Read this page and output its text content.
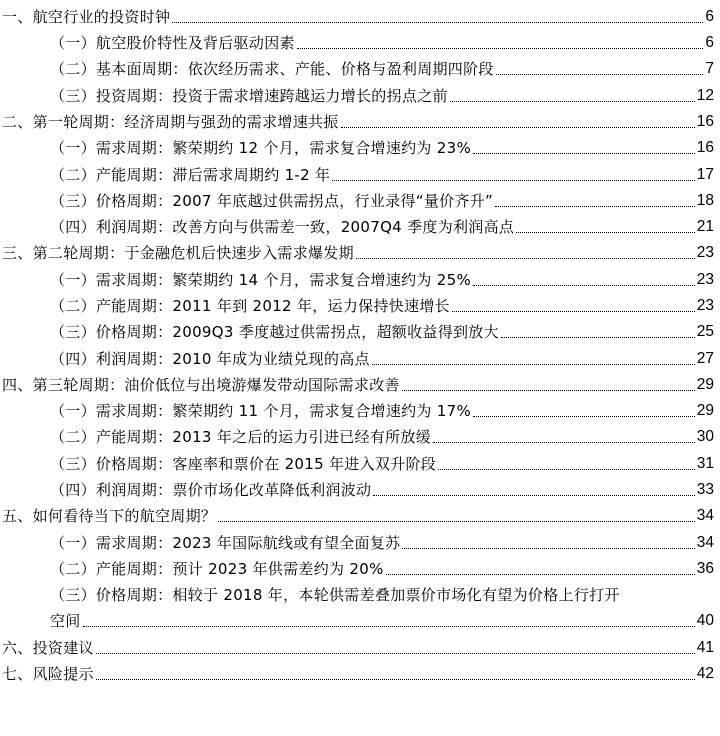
一、航空行业的投资时钟	6
（一）航空股价特性及背后驱动因素	6
（二）基本面周期：依次经历需求、产能、价格与盈利周期四阶段	7
（三）投资周期：投资于需求增速跨越运力增长的拐点之前	12
二、第一轮周期：经济周期与强劲的需求增速共振	16
（一）需求周期：繁荣期约 12 个月，需求复合增速约为 23%	16
（二）产能周期：滞后需求周期约 1-2 年	17
（三）价格周期：2007 年底越过供需拐点，行业录得“量价齐升”	18
（四）利润周期：改善方向与供需差一致，2007Q4 季度为利润高点	21
三、第二轮周期：于金融危机后快速步入需求爆发期	23
（一）需求周期：繁荣期约 14 个月，需求复合增速约为 25%	23
（二）产能周期：2011 年到 2012 年，运力保持快速增长	23
（三）价格周期：2009Q3 季度越过供需拐点，超额收益得到放大	25
（四）利润周期：2010 年成为业绩兑现的高点	27
四、第三轮周期：油价低位与出境游爆发带动国际需求改善	29
（一）需求周期：繁荣期约 11 个月，需求复合增速约为 17%	29
（二）产能周期：2013 年之后的运力引进已经有所放缓	30
（三）价格周期：客座率和票价在 2015 年进入双升阶段	31
（四）利润周期：票价市场化改革降低利润波动	33
五、如何看待当下的航空周期？	34
（一）需求周期：2023 年国际航线或有望全面复苏	34
（二）产能周期：预计 2023 年供需差约为 20%	36
（三）价格周期：相较于 2018 年，本轮供需差叠加票价市场化有望为价格上行打开
空间	40
六、投资建议	41
七、风险提示	42
